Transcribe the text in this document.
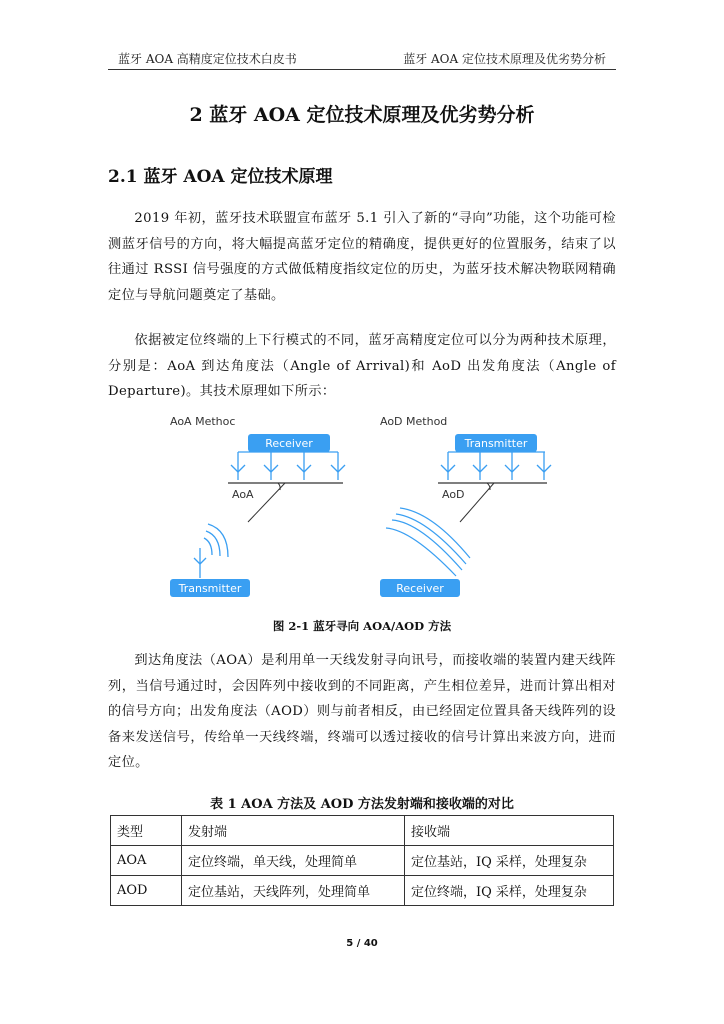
蓝牙 AOA 高精度定位技术白皮书	蓝牙 AOA 定位技术原理及优劣势分析
2 蓝牙 AOA 定位技术原理及优劣势分析
2.1 蓝牙 AOA 定位技术原理

2019 年初，蓝牙技术联盟宣布蓝牙 5.1 引入了新的“寻向”功能，这个功能可检测蓝牙信号的方向，将大幅提高蓝牙定位的精确度，提供更好的位置服务，结束了以往通过 RSSI 信号强度的方式做低精度指纹定位的历史，为蓝牙技术解决物联网精确定位与导航问题奠定了基础。

依据被定位终端的上下行模式的不同，蓝牙高精度定位可以分为两种技术原理，分别是：AoA 到达角度法（Angle of Arrival)和 AoD 出发角度法（Angle of Departure)。其技术原理如下所示：

AoA Methoc
Receiver
AoA
Transmitter
AoD Method
Transmitter
AoD
Receiver
图 2-1 蓝牙寻向 AOA/AOD 方法

到达角度法（AOA）是利用单一天线发射寻向讯号，而接收端的装置内建天线阵列，当信号通过时，会因阵列中接收到的不同距离，产生相位差异，进而计算出相对的信号方向；出发角度法（AOD）则与前者相反，由已经固定位置具备天线阵列的设备来发送信号，传给单一天线终端，终端可以透过接收的信号计算出来波方向，进而定位。

表 1 AOA 方法及 AOD 方法发射端和接收端的对比
类型	发射端	接收端
AOA	定位终端，单天线，处理简单	定位基站，IQ 采样，处理复杂
AOD	定位基站，天线阵列，处理简单	定位终端，IQ 采样，处理复杂
5 / 40
